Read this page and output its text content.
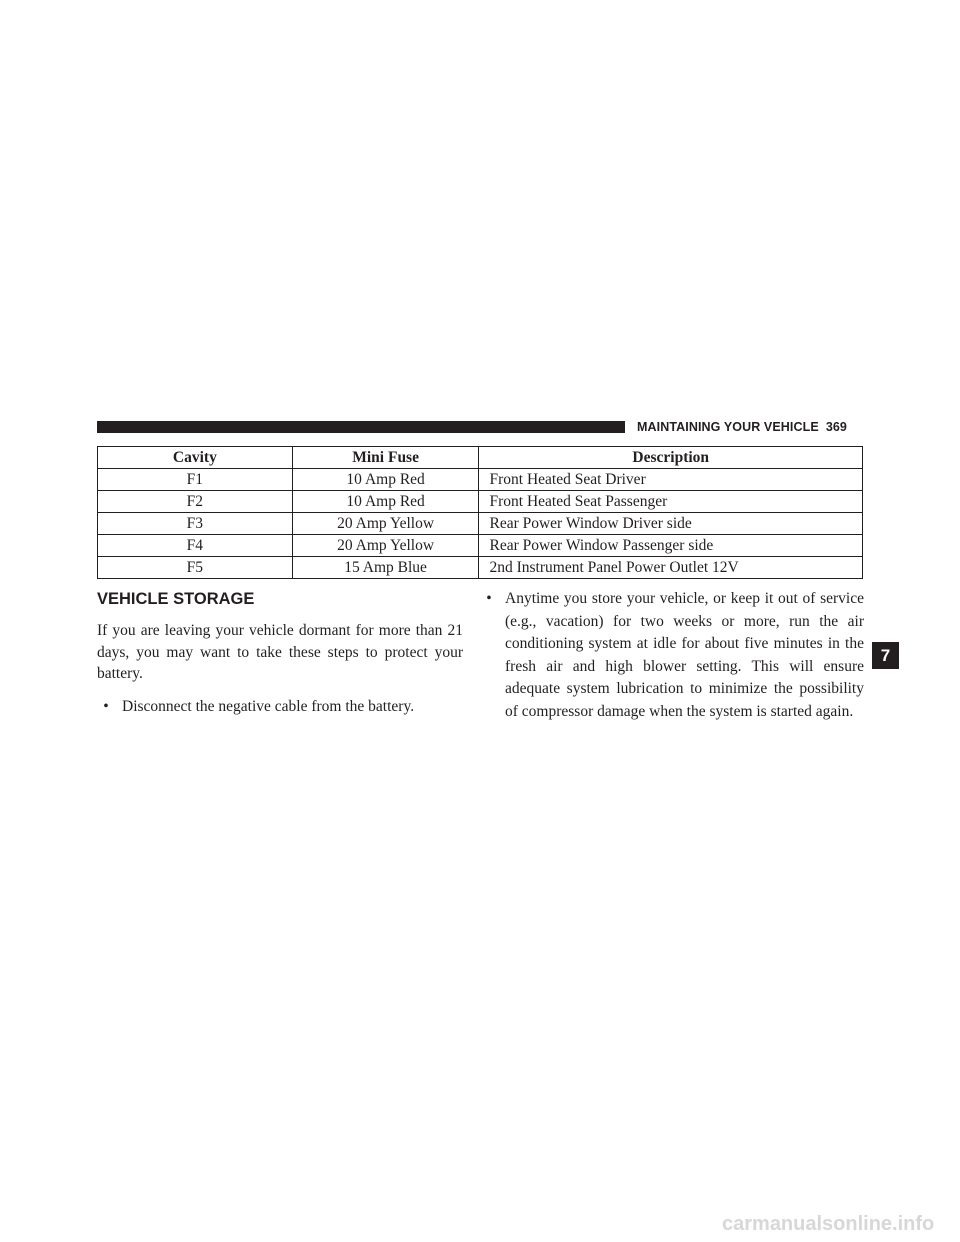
MAINTAINING YOUR VEHICLE 369
Cavity	Mini Fuse	Description
F1	10 Amp Red	Front Heated Seat Driver
F2	10 Amp Red	Front Heated Seat Passenger
F3	20 Amp Yellow	Rear Power Window Driver side
F4	20 Amp Yellow	Rear Power Window Passenger side
F5	15 Amp Blue	2nd Instrument Panel Power Outlet 12V
VEHICLE STORAGE

If you are leaving your vehicle dormant for more than 21 days, you may want to take these steps to protect your battery.

• Disconnect the negative cable from the battery.
• Anytime you store your vehicle, or keep it out of service (e.g., vacation) for two weeks or more, run the air conditioning system at idle for about five minutes in the fresh air and high blower setting. This will ensure adequate system lubrication to minimize the possibility of compressor damage when the system is started again.
7
carmanualsonline.info
